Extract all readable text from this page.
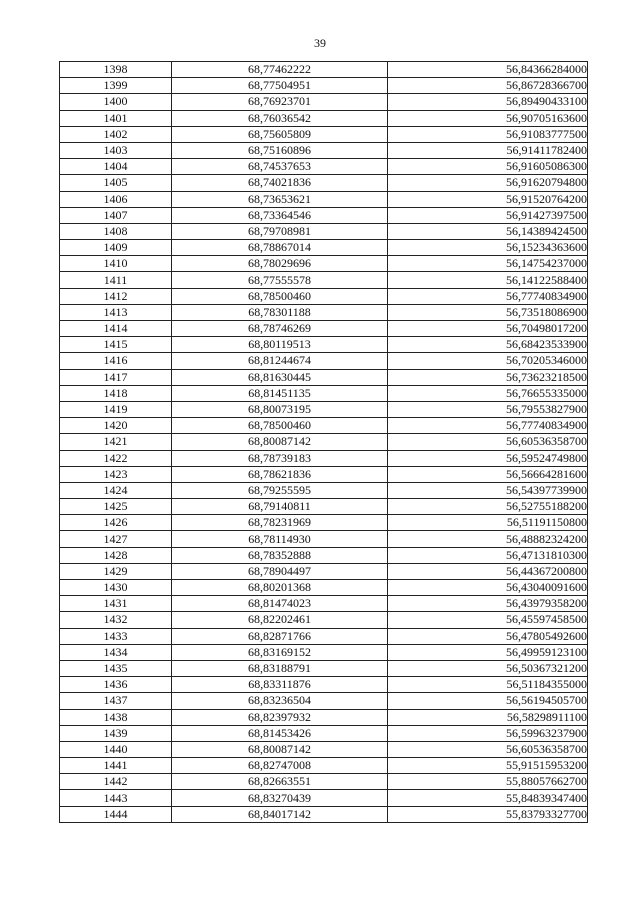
39
1398	68,77462222	56,84366284000
1399	68,77504951	56,86728366700
1400	68,76923701	56,89490433100
1401	68,76036542	56,90705163600
1402	68,75605809	56,91083777500
1403	68,75160896	56,91411782400
1404	68,74537653	56,91605086300
1405	68,74021836	56,91620794800
1406	68,73653621	56,91520764200
1407	68,73364546	56,91427397500
1408	68,79708981	56,14389424500
1409	68,78867014	56,15234363600
1410	68,78029696	56,14754237000
1411	68,77555578	56,14122588400
1412	68,78500460	56,77740834900
1413	68,78301188	56,73518086900
1414	68,78746269	56,70498017200
1415	68,80119513	56,68423533900
1416	68,81244674	56,70205346000
1417	68,81630445	56,73623218500
1418	68,81451135	56,76655335000
1419	68,80073195	56,79553827900
1420	68,78500460	56,77740834900
1421	68,80087142	56,60536358700
1422	68,78739183	56,59524749800
1423	68,78621836	56,56664281600
1424	68,79255595	56,54397739900
1425	68,79140811	56,52755188200
1426	68,78231969	56,51191150800
1427	68,78114930	56,48882324200
1428	68,78352888	56,47131810300
1429	68,78904497	56,44367200800
1430	68,80201368	56,43040091600
1431	68,81474023	56,43979358200
1432	68,82202461	56,45597458500
1433	68,82871766	56,47805492600
1434	68,83169152	56,49959123100
1435	68,83188791	56,50367321200
1436	68,83311876	56,51184355000
1437	68,83236504	56,56194505700
1438	68,82397932	56,58298911100
1439	68,81453426	56,59963237900
1440	68,80087142	56,60536358700
1441	68,82747008	55,91515953200
1442	68,82663551	55,88057662700
1443	68,83270439	55,84839347400
1444	68,84017142	55,83793327700
